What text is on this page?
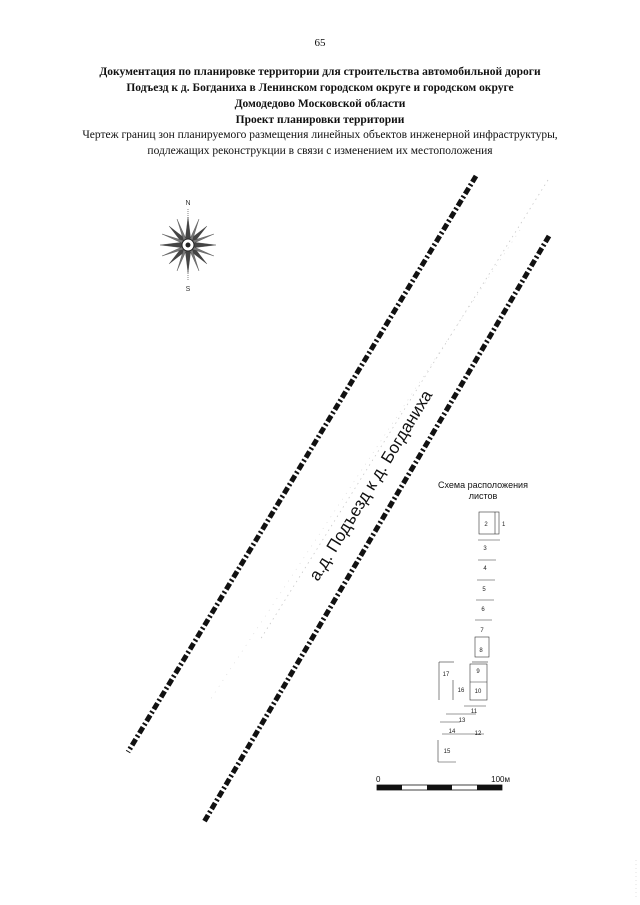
65
Документация по планировке территории для строительства автомобильной дороги
Подъезд к д. Богданиха в Ленинском городском округе и городском округе
Домодедово Московской области
Проект планировки территории
Чертеж границ зон планируемого размещения линейных объектов инженерной инфраструктуры,
подлежащих реконструкции в связи с изменением их местоположения
а.д. Подъезд к д. Богданиха
N
S
2 1
3
4
5
6
7
8
9
10
17
16
11
13
14	12
15
0	100м
Схема расположения
листов
